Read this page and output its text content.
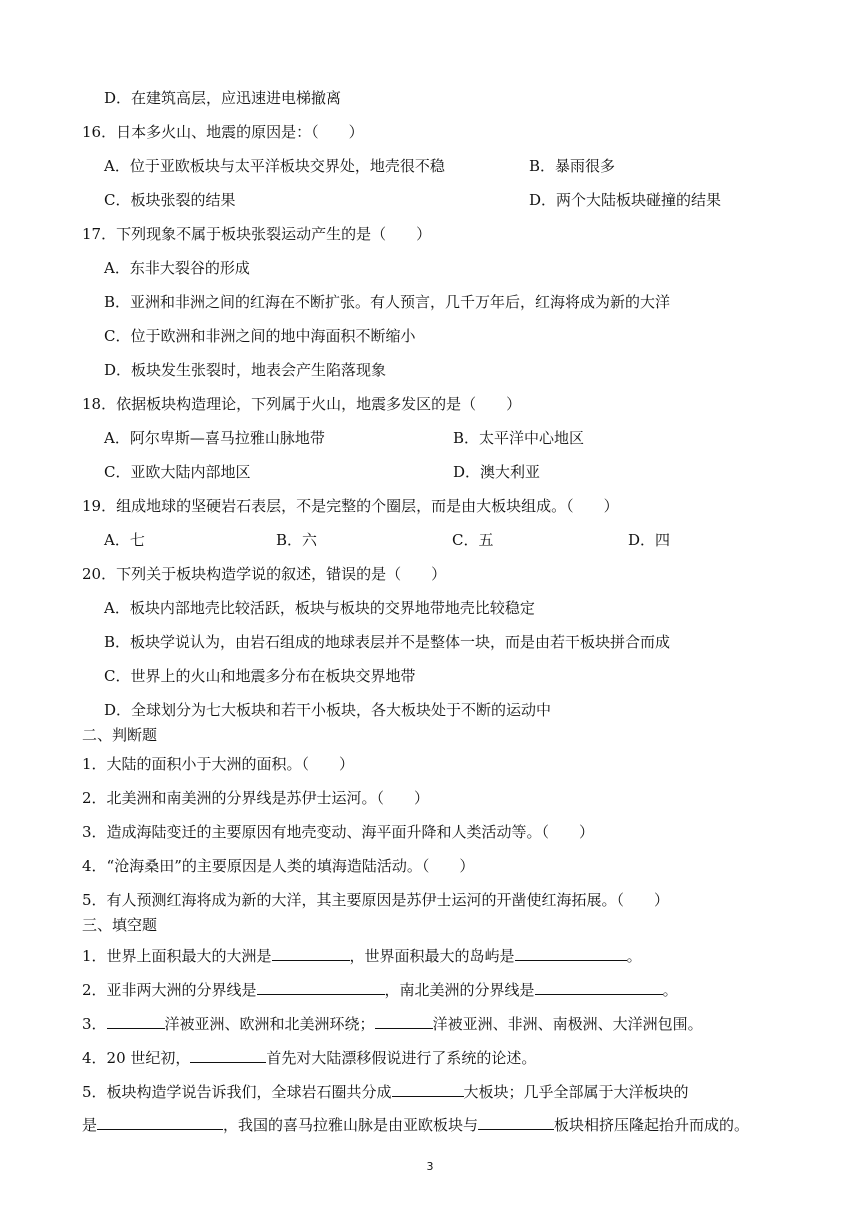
D．在建筑高层，应迅速进电梯撤离
16．日本多火山、地震的原因是：（　　）
A．位于亚欧板块与太平洋板块交界处，地壳很不稳	B．暴雨很多
C．板块张裂的结果	D．两个大陆板块碰撞的结果
17．下列现象不属于板块张裂运动产生的是（　　）
A．东非大裂谷的形成
B．亚洲和非洲之间的红海在不断扩张。有人预言，几千万年后，红海将成为新的大洋
C．位于欧洲和非洲之间的地中海面积不断缩小
D．板块发生张裂时，地表会产生陷落现象
18．依据板块构造理论，下列属于火山，地震多发区的是（　　）
A．阿尔卑斯—喜马拉雅山脉地带	B．太平洋中心地区
C．亚欧大陆内部地区	D．澳大利亚
19．组成地球的坚硬岩石表层，不是完整的个圈层，而是由大板块组成。（　　）
A．七	B．六	C．五	D．四
20．下列关于板块构造学说的叙述，错误的是（　　）
A．板块内部地壳比较活跃，板块与板块的交界地带地壳比较稳定
B．板块学说认为，由岩石组成的地球表层并不是整体一块，而是由若干板块拼合而成
C．世界上的火山和地震多分布在板块交界地带
D．全球划分为七大板块和若干小板块，各大板块处于不断的运动中
二、判断题
1．大陆的面积小于大洲的面积。（　　）
2．北美洲和南美洲的分界线是苏伊士运河。（　　）
3．造成海陆变迁的主要原因有地壳变动、海平面升降和人类活动等。（　　）
4．“沧海桑田”的主要原因是人类的填海造陆活动。（　　）
5．有人预测红海将成为新的大洋，其主要原因是苏伊士运河的开凿使红海拓展。（　　）
三、填空题
1．世界上面积最大的大洲是	，世界面积最大的岛屿是	。
2．亚非两大洲的分界线是	，南北美洲的分界线是	。
3．	洋被亚洲、欧洲和北美洲环绕；	洋被亚洲、非洲、南极洲、大洋洲包围。
4．20 世纪初，	首先对大陆漂移假说进行了系统的论述。
5．板块构造学说告诉我们，全球岩石圈共分成	大板块；几乎全部属于大洋板块的
是	，我国的喜马拉雅山脉是由亚欧板块与	板块相挤压隆起抬升而成的。
3
